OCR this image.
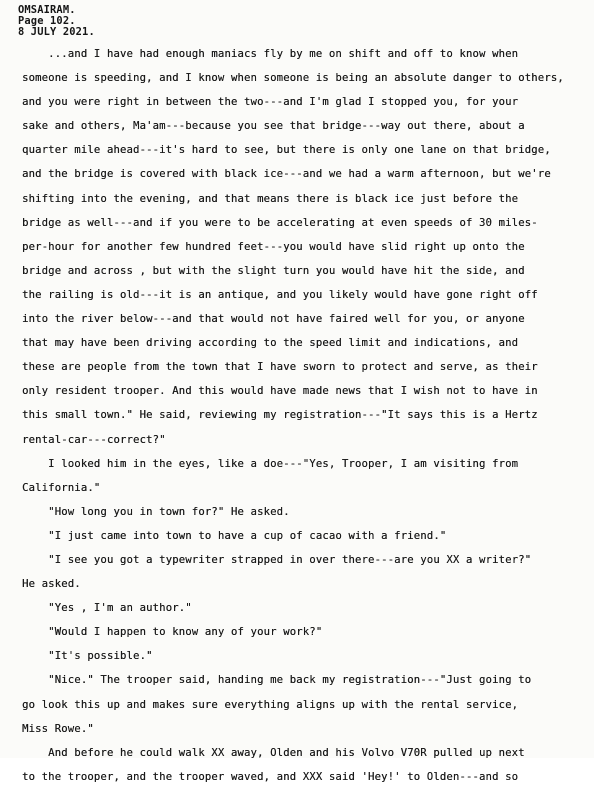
OMSAIRAM.
Page 102.
8 JULY 2021.
...and I have had enough maniacs fly by me on shift and off to know when
someone is speeding, and I know when someone is being an absolute danger to others,
and you were right in between the two---and I'm glad I stopped you, for your
sake and others, Ma'am---because you see that bridge---way out there, about a
quarter mile ahead---it's hard to see, but there is only one lane on that bridge,
and the bridge is covered with black ice---and we had a warm afternoon, but we're
shifting into the evening, and that means there is black ice just before the
bridge as well---and if you were to be accelerating at even speeds of 30 miles-
per-hour for another few hundred feet---you would have slid right up onto the
bridge and across , but with the slight turn you would have hit the side, and
the railing is old---it is an antique, and you likely would have gone right off
into the river below---and that would not have faired well for you, or anyone
that may have been driving according to the speed limit and indications, and
these are people from the town that I have sworn to protect and serve, as their
only resident trooper. And this would have made news that I wish not to have in
this small town." He said, reviewing my registration---"It says this is a Hertz
rental-car---correct?"
I looked him in the eyes, like a doe---"Yes, Trooper, I am visiting from
California."
"How long you in town for?" He asked.
"I just came into town to have a cup of cacao with a friend."
"I see you got a typewriter strapped in over there---are you XX a writer?"
He asked.
"Yes , I'm an author."
"Would I happen to know any of your work?"
"It's possible."
"Nice." The trooper said, handing me back my registration---"Just going to
go look this up and makes sure everything aligns up with the rental service,
Miss Rowe."
And before he could walk XX away, Olden and his Volvo V70R pulled up next
to the trooper, and the trooper waved, and XXX said 'Hey!' to Olden---and so
